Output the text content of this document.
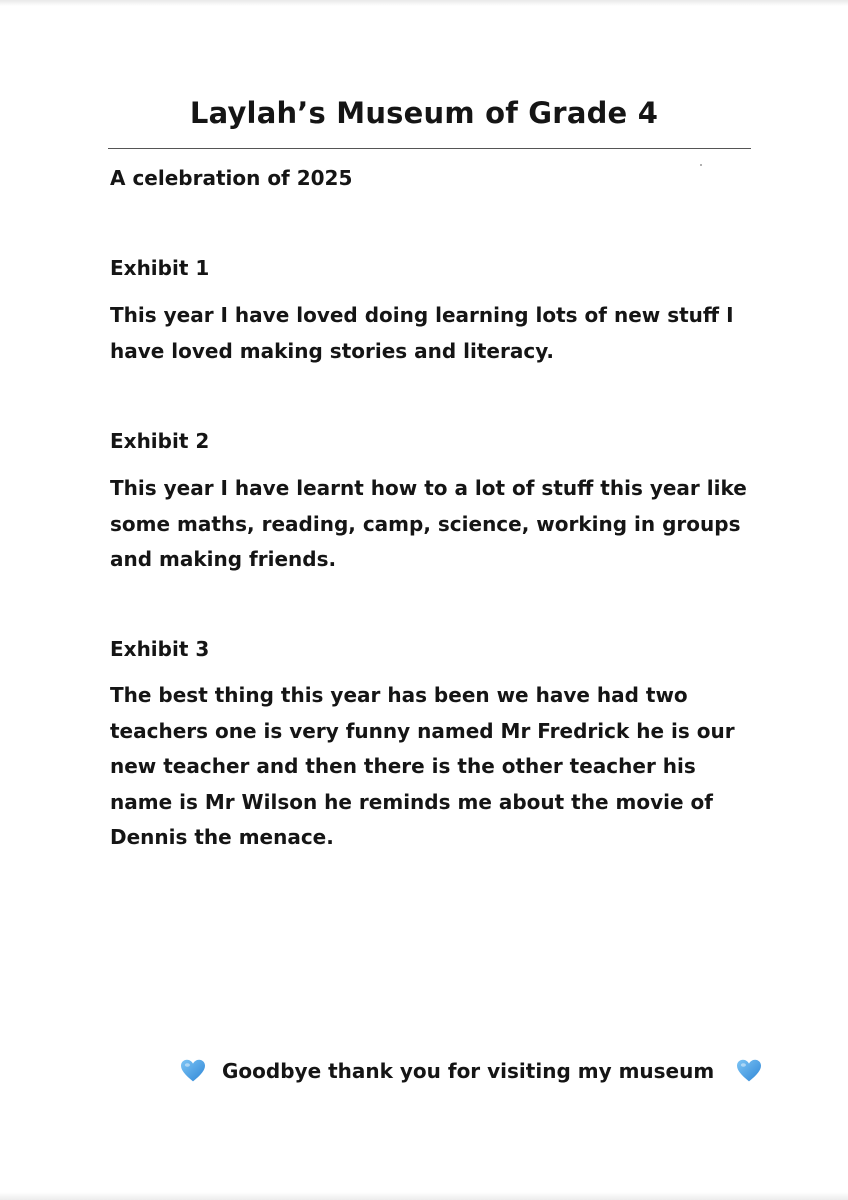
Laylah’s Museum of Grade 4

A celebration of 2025

Exhibit 1

This year I have loved doing learning lots of new stuff I have loved making stories and literacy.

Exhibit 2

This year I have learnt how to a lot of stuff this year like some maths, reading, camp, science, working in groups and making friends.

Exhibit 3

The best thing this year has been we have had two teachers one is very funny named Mr Fredrick he is our new teacher and then there is the other teacher his name is Mr Wilson he reminds me about the movie of Dennis the menace.

Goodbye thank you for visiting my museum
